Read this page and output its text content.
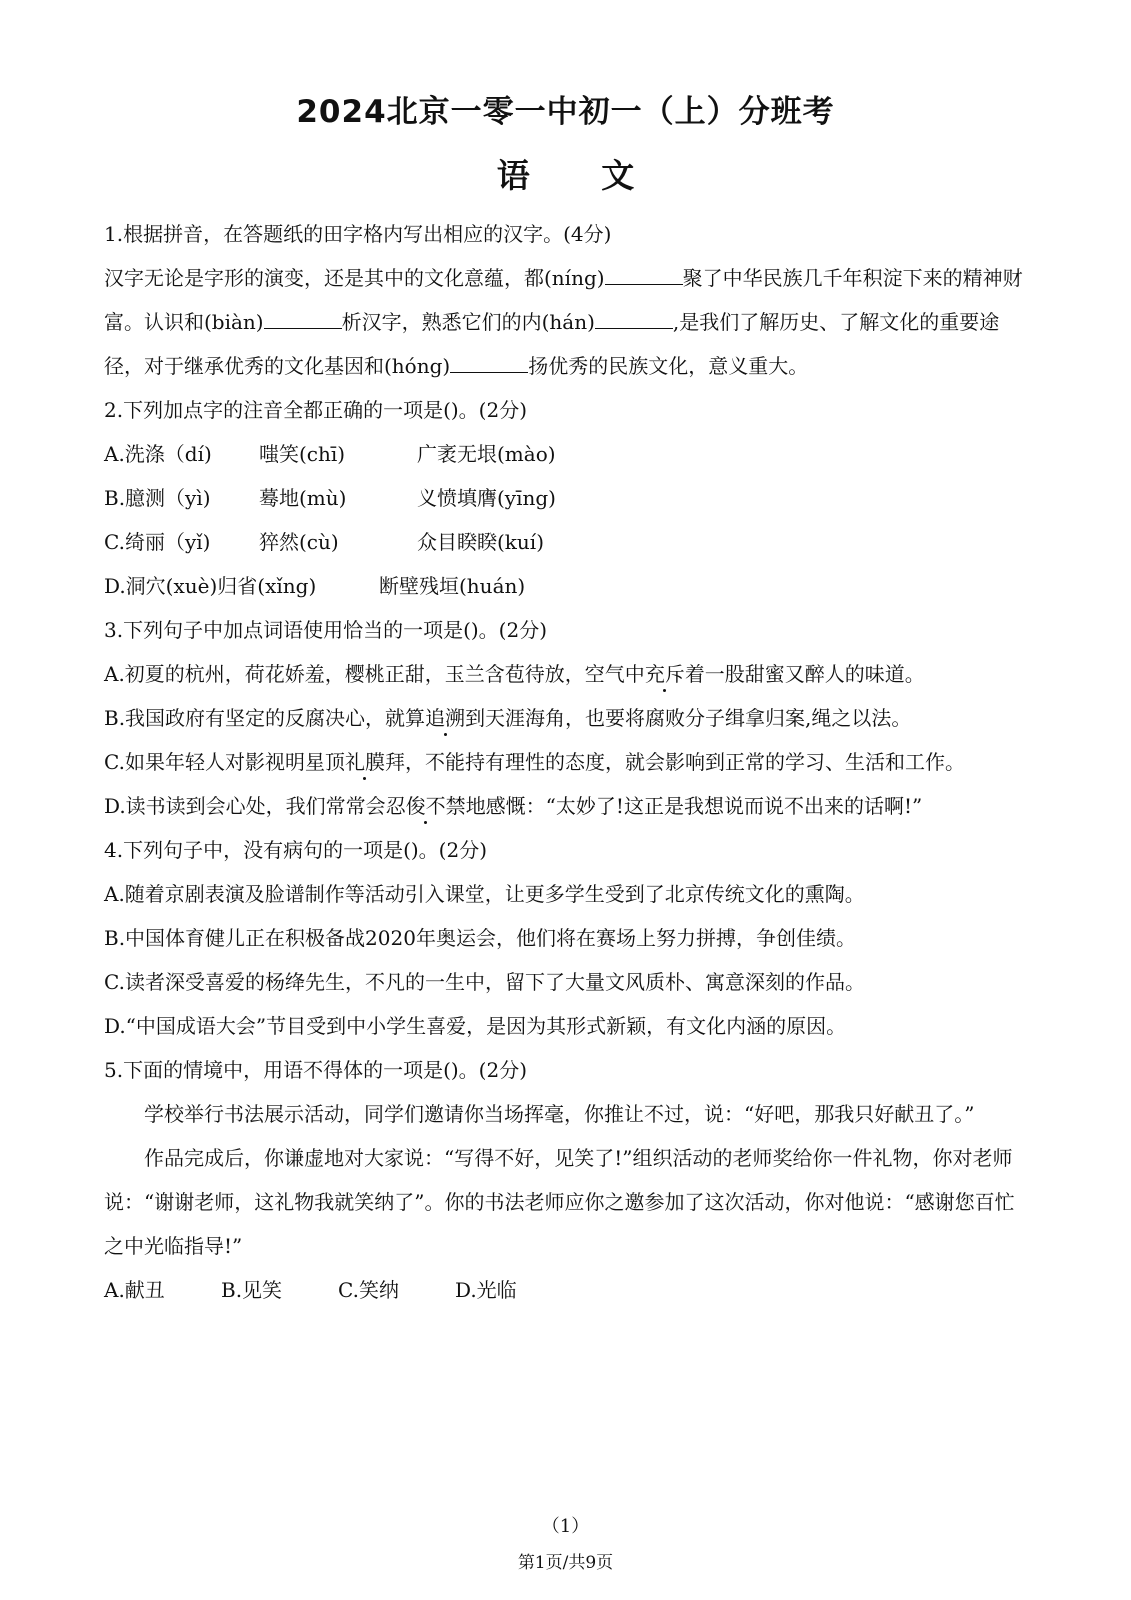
2024北京一零一中初一（上）分班考
语 文

1.根据拼音，在答题纸的田字格内写出相应的汉字。(4分)

汉字无论是字形的演变，还是其中的文化意蕴，都(níng)	聚了中华民族几千年积淀下来的精神财富。认识和(biàn)	析汉字，熟悉它们的内(hán)	,是我们了解历史、了解文化的重要途径，对于继承优秀的文化基因和(hóng)	扬优秀的民族文化，意义重大。

2.下列加点字的注音全都正确的一项是()。(2分)

A.洗涤（dí)	嗤笑(chī)	广袤无垠(mào)
B.臆测（yì)	蓦地(mù)	义愤填膺(yīng)
C.绮丽（yǐ)	猝然(cù)	众目睽睽(kuí)
D.洞穴(xuè)归省(xǐng)	断壁残垣(huán)

3.下列句子中加点词语使用恰当的一项是()。(2分)

A.初夏的杭州，荷花娇羞，樱桃正甜，玉兰含苞待放，空气中充斥着一股甜蜜又醉人的味道。

B.我国政府有坚定的反腐决心，就算追溯到天涯海角，也要将腐败分子缉拿归案,绳之以法。

C.如果年轻人对影视明星顶礼膜拜，不能持有理性的态度，就会影响到正常的学习、生活和工作。

D.读书读到会心处，我们常常会忍俊不禁地感慨：“太妙了!这正是我想说而说不出来的话啊!”

4.下列句子中，没有病句的一项是()。(2分)

A.随着京剧表演及脸谱制作等活动引入课堂，让更多学生受到了北京传统文化的熏陶。

B.中国体育健儿正在积极备战2020年奥运会，他们将在赛场上努力拼搏，争创佳绩。

C.读者深受喜爱的杨绛先生，不凡的一生中，留下了大量文风质朴、寓意深刻的作品。

D.“中国成语大会”节目受到中小学生喜爱，是因为其形式新颖，有文化内涵的原因。

5.下面的情境中，用语不得体的一项是()。(2分)

学校举行书法展示活动，同学们邀请你当场挥毫，你推让不过，说：“好吧，那我只好献丑了。”

作品完成后，你谦虚地对大家说：“写得不好，见笑了!”组织活动的老师奖给你一件礼物，你对老师说：“谢谢老师，这礼物我就笑纳了”。你的书法老师应你之邀参加了这次活动，你对他说：“感谢您百忙之中光临指导!”

A.献丑	B.见笑	C.笑纳	D.光临

（1）
第1页/共9页
